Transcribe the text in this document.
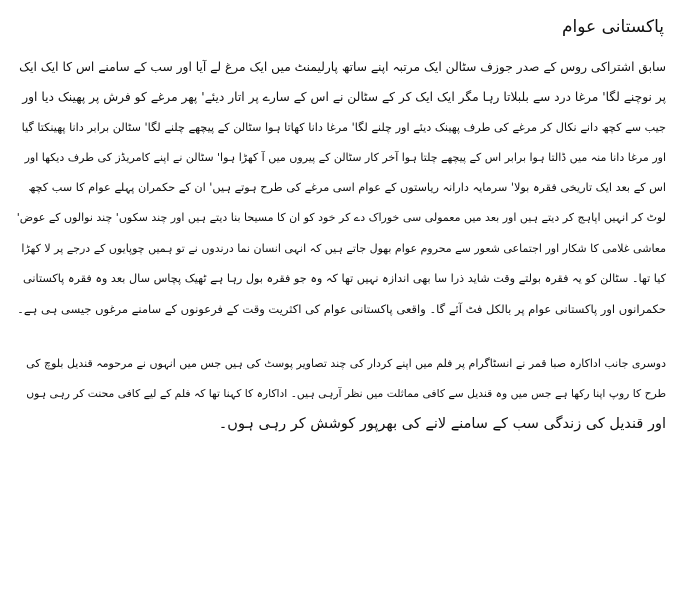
پاکستانی عوام

سابق اشتراکی روس کے صدر جوزف سٹالن ایک مرتبہ اپنے ساتھ پارلیمنٹ میں ایک مرغ لے آیا اور سب کے سامنے اس کا ایک ایک
پر نوچنے لگا' مرغا درد سے بلبلاتا رہا مگر ایک ایک کر کے سٹالن نے اس کے سارے پر اتار دیئے' پھر مرغے کو فرش پر پھینک دیا اور
جیب سے کچھ دانے نکال کر مرغے کی طرف پھینک دیئے اور چلنے لگا' مرغا دانا کھاتا ہوا سٹالن کے پیچھے چلنے لگا' سٹالن برابر دانا پھینکتا گیا
اور مرغا دانا منہ میں ڈالتا ہوا برابر اس کے پیچھے چلتا ہوا آخر کار سٹالن کے پیروں میں آ کھڑا ہوا' سٹالن نے اپنے کامریڈز کی طرف دیکھا اور
اس کے بعد ایک تاریخی فقرہ بولا' سرمایہ دارانہ ریاستوں کے عوام اسی مرغے کی طرح ہوتے ہیں' ان کے حکمران پہلے عوام کا سب کچھ
لوٹ کر انہیں اپاہج کر دیتے ہیں اور بعد میں معمولی سی خوراک دے کر خود کو ان کا مسیحا بنا دیتے ہیں اور چند سکوں' چند نوالوں کے عوض'
معاشی غلامی کا شکار اور اجتماعی شعور سے محروم عوام بھول جاتے ہیں کہ انہی انسان نما درندوں نے تو ہمیں چوپایوں کے درجے پر لا کھڑا
کیا تھا۔ سٹالن کو یہ فقرہ بولتے وقت شاید ذرا سا بھی اندازہ نہیں تھا کہ وہ جو فقرہ بول رہا ہے ٹھیک پچاس سال بعد وہ فقرہ پاکستانی
حکمرانوں اور پاکستانی عوام پر بالکل فٹ آئے گا۔ واقعی پاکستانی عوام کی اکثریت وقت کے فرعونوں کے سامنے مرغوں جیسی ہی ہے۔

دوسری جانب اداکارہ صبا قمر نے انسٹاگرام پر فلم میں اپنے کردار کی چند تصاویر پوسٹ کی ہیں جس میں انہوں نے مرحومہ قندیل بلوچ کی
طرح کا روپ اپنا رکھا ہے جس میں وہ قندیل سے کافی مماثلت میں نظر آرہی ہیں۔ اداکارہ کا کہنا تھا کہ فلم کے لیے کافی محنت کر رہی ہوں
اور قندیل کی زندگی سب کے سامنے لانے کی بھرپور کوشش کر رہی ہوں۔
